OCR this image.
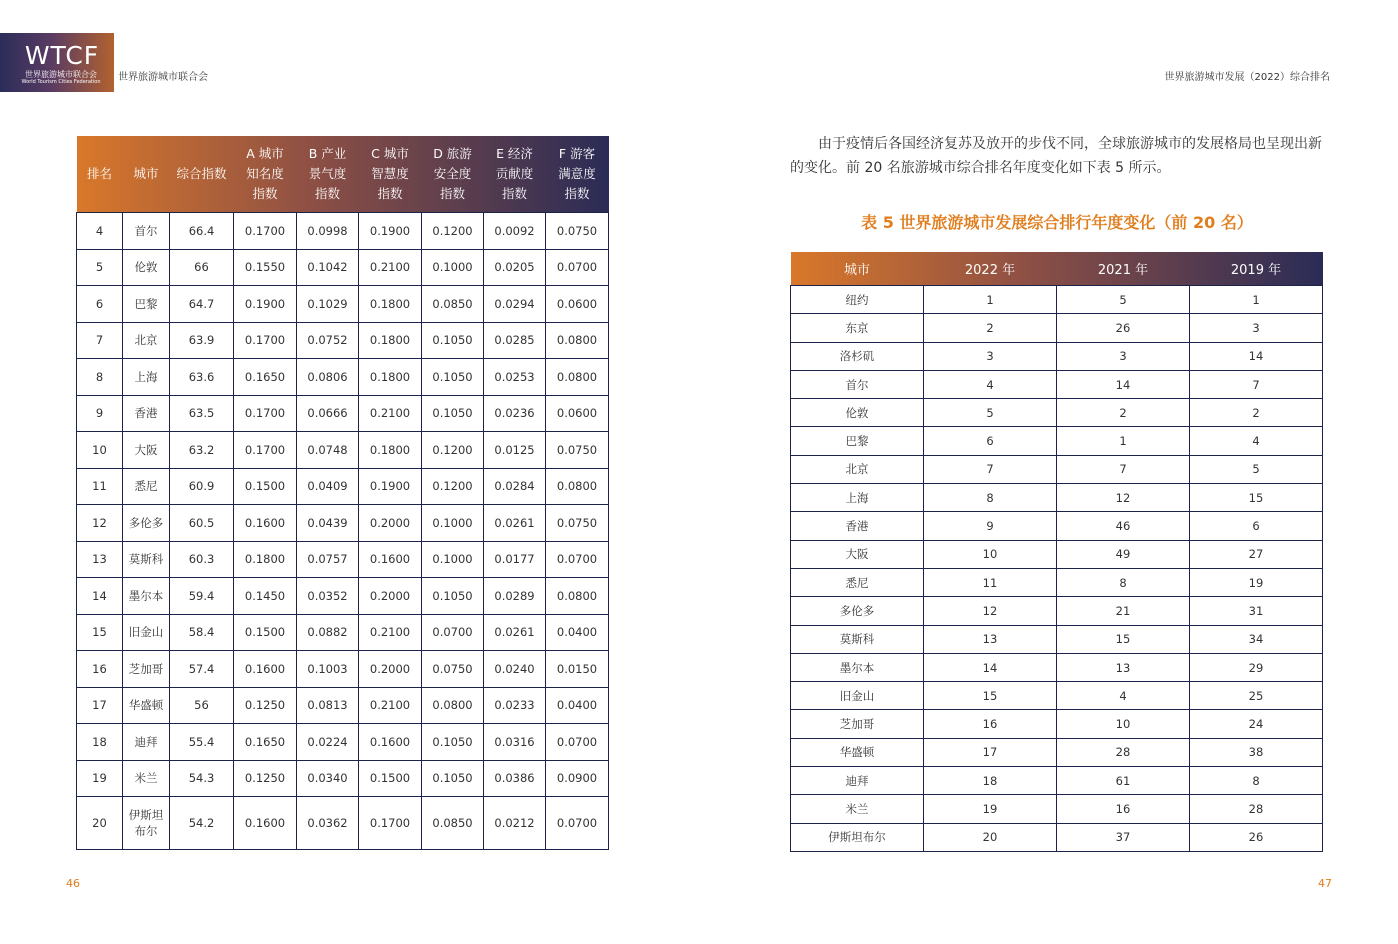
WTCF
世界旅游城市联合会
World Tourism Cities Federation	世界旅游城市联合会	世界旅游城市发展（2022）综合排名
排名	城市	综合指数	A 城市
知名度
指数	B 产业
景气度
指数	C 城市
智慧度
指数	D 旅游
安全度
指数	E 经济
贡献度
指数	F 游客
满意度
指数
4	首尔	66.4	0.1700	0.0998	0.1900	0.1200	0.0092	0.0750
5	伦敦	66	0.1550	0.1042	0.2100	0.1000	0.0205	0.0700
6	巴黎	64.7	0.1900	0.1029	0.1800	0.0850	0.0294	0.0600
7	北京	63.9	0.1700	0.0752	0.1800	0.1050	0.0285	0.0800
8	上海	63.6	0.1650	0.0806	0.1800	0.1050	0.0253	0.0800
9	香港	63.5	0.1700	0.0666	0.2100	0.1050	0.0236	0.0600
10	大阪	63.2	0.1700	0.0748	0.1800	0.1200	0.0125	0.0750
11	悉尼	60.9	0.1500	0.0409	0.1900	0.1200	0.0284	0.0800
12	多伦多	60.5	0.1600	0.0439	0.2000	0.1000	0.0261	0.0750
13	莫斯科	60.3	0.1800	0.0757	0.1600	0.1000	0.0177	0.0700
14	墨尔本	59.4	0.1450	0.0352	0.2000	0.1050	0.0289	0.0800
15	旧金山	58.4	0.1500	0.0882	0.2100	0.0700	0.0261	0.0400
16	芝加哥	57.4	0.1600	0.1003	0.2000	0.0750	0.0240	0.0150
17	华盛顿	56	0.1250	0.0813	0.2100	0.0800	0.0233	0.0400
18	迪拜	55.4	0.1650	0.0224	0.1600	0.1050	0.0316	0.0700
19	米兰	54.3	0.1250	0.0340	0.1500	0.1050	0.0386	0.0900
20	伊斯坦布尔	54.2	0.1600	0.0362	0.1700	0.0850	0.0212	0.0700
由于疫情后各国经济复苏及放开的步伐不同，全球旅游城市的发展格局也呈现出新的变化。前 20 名旅游城市综合排名年度变化如下表 5 所示。
表 5 世界旅游城市发展综合排行年度变化（前 20 名）
城市	2022 年	2021 年	2019 年
纽约	1	5	1
东京	2	26	3
洛杉矶	3	3	14
首尔	4	14	7
伦敦	5	2	2
巴黎	6	1	4
北京	7	7	5
上海	8	12	15
香港	9	46	6
大阪	10	49	27
悉尼	11	8	19
多伦多	12	21	31
莫斯科	13	15	34
墨尔本	14	13	29
旧金山	15	4	25
芝加哥	16	10	24
华盛顿	17	28	38
迪拜	18	61	8
米兰	19	16	28
伊斯坦布尔	20	37	26
46	47
